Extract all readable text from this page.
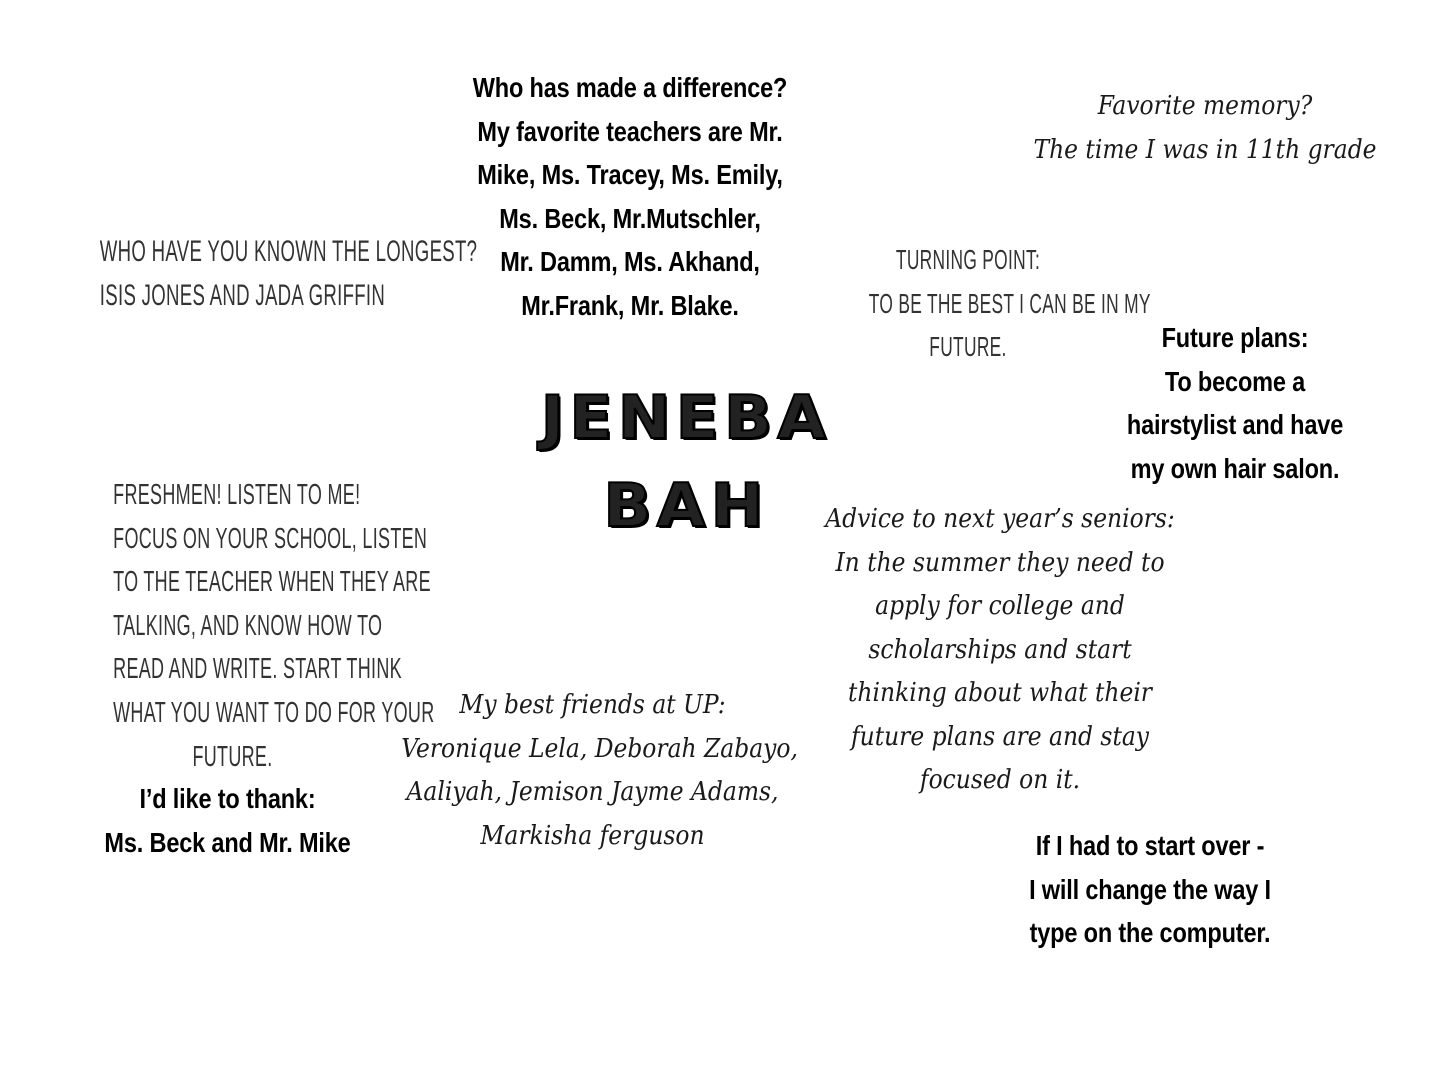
Who has made a difference?
My favorite teachers are Mr.
Mike, Ms. Tracey, Ms. Emily,
Ms. Beck, Mr.Mutschler,
Mr. Damm, Ms. Akhand,
Mr.Frank, Mr. Blake.
Favorite memory?
The time I was in 11th grade
WHO HAVE YOU KNOWN THE LONGEST?
ISIS JONES AND JADA GRIFFIN
TURNING POINT:
TO BE THE BEST I CAN BE IN MY
FUTURE.
JENEBA
BAH
Future plans:
To become a
hairstylist and have
my own hair salon.
FRESHMEN! LISTEN TO ME!
FOCUS ON YOUR SCHOOL, LISTEN
TO THE TEACHER WHEN THEY ARE
TALKING, AND KNOW HOW TO
READ AND WRITE. START THINK
WHAT YOU WANT TO DO FOR YOUR
FUTURE.
I’d like to thank:
Ms. Beck and Mr. Mike
Advice to next year’s seniors:
In the summer they need to
apply for college and
scholarships and start
thinking about what their
future plans are and stay
focused on it.
My best friends at UP:
Veronique Lela, Deborah Zabayo,
Aaliyah, Jemison Jayme Adams,
Markisha ferguson	If I had to start over -
I will change the way I
type on the computer.
